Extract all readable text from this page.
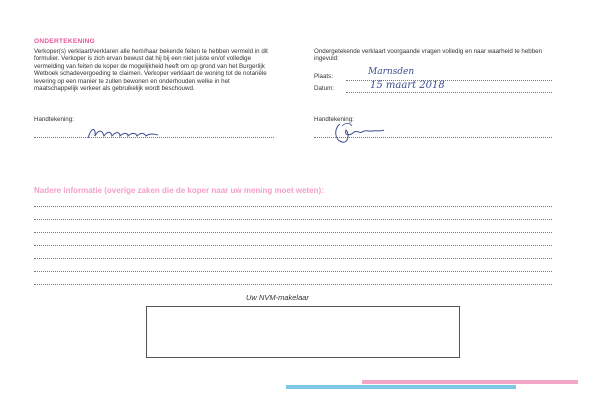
ONDERTEKENING
Verkoper(s) verklaart/verklaren alle hem/haar bekende feiten te hebben vermeld in dit formulier. Verkoper is zich ervan bewust dat hij bij een niet juiste en/of volledige vermelding van feiten de koper de mogelijkheid heeft om op grond van het Burgerlijk Wetboek schadevergoeding te claimen. Verkoper verklaart de woning tot de notariële levering op een manier te zullen bewonen en onderhouden welke in het maatschappelijk verkeer als gebruikelijk wordt beschouwd.
Ondergetekende verklaart voorgaande vragen volledig en naar waarheid te hebben ingevuld:
Plaats:	Marnsden
Datum:	15 maart 2018
Handtekening:	Handtekening:
Nadere informatie (overige zaken die de koper naar uw mening moet weten):
Uw NVM-makelaar
